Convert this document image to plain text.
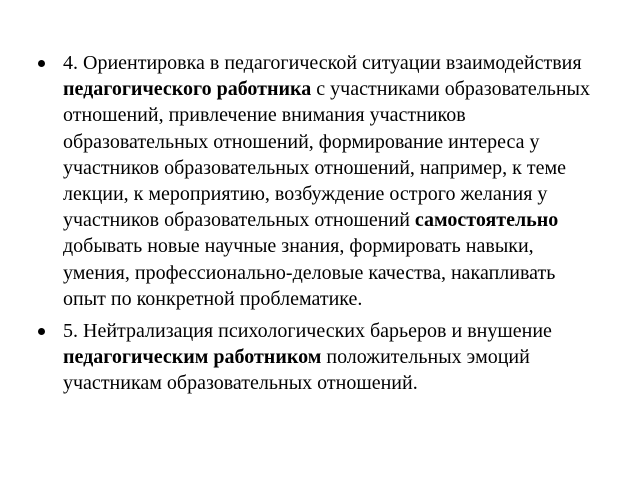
4. Ориентировка в педагогической ситуации взаимодействия педагогического работника с участниками образовательных отношений, привлечение внимания участников образовательных отношений, формирование интереса у участников образовательных отношений, например, к теме лекции, к мероприятию, возбуждение острого желания у участников образовательных отношений самостоятельно добывать новые научные знания, формировать навыки, умения, профессионально-деловые качества, накапливать опыт по конкретной проблематике.
5. Нейтрализация психологических барьеров и внушение педагогическим работником положительных эмоций участникам образовательных отношений.
